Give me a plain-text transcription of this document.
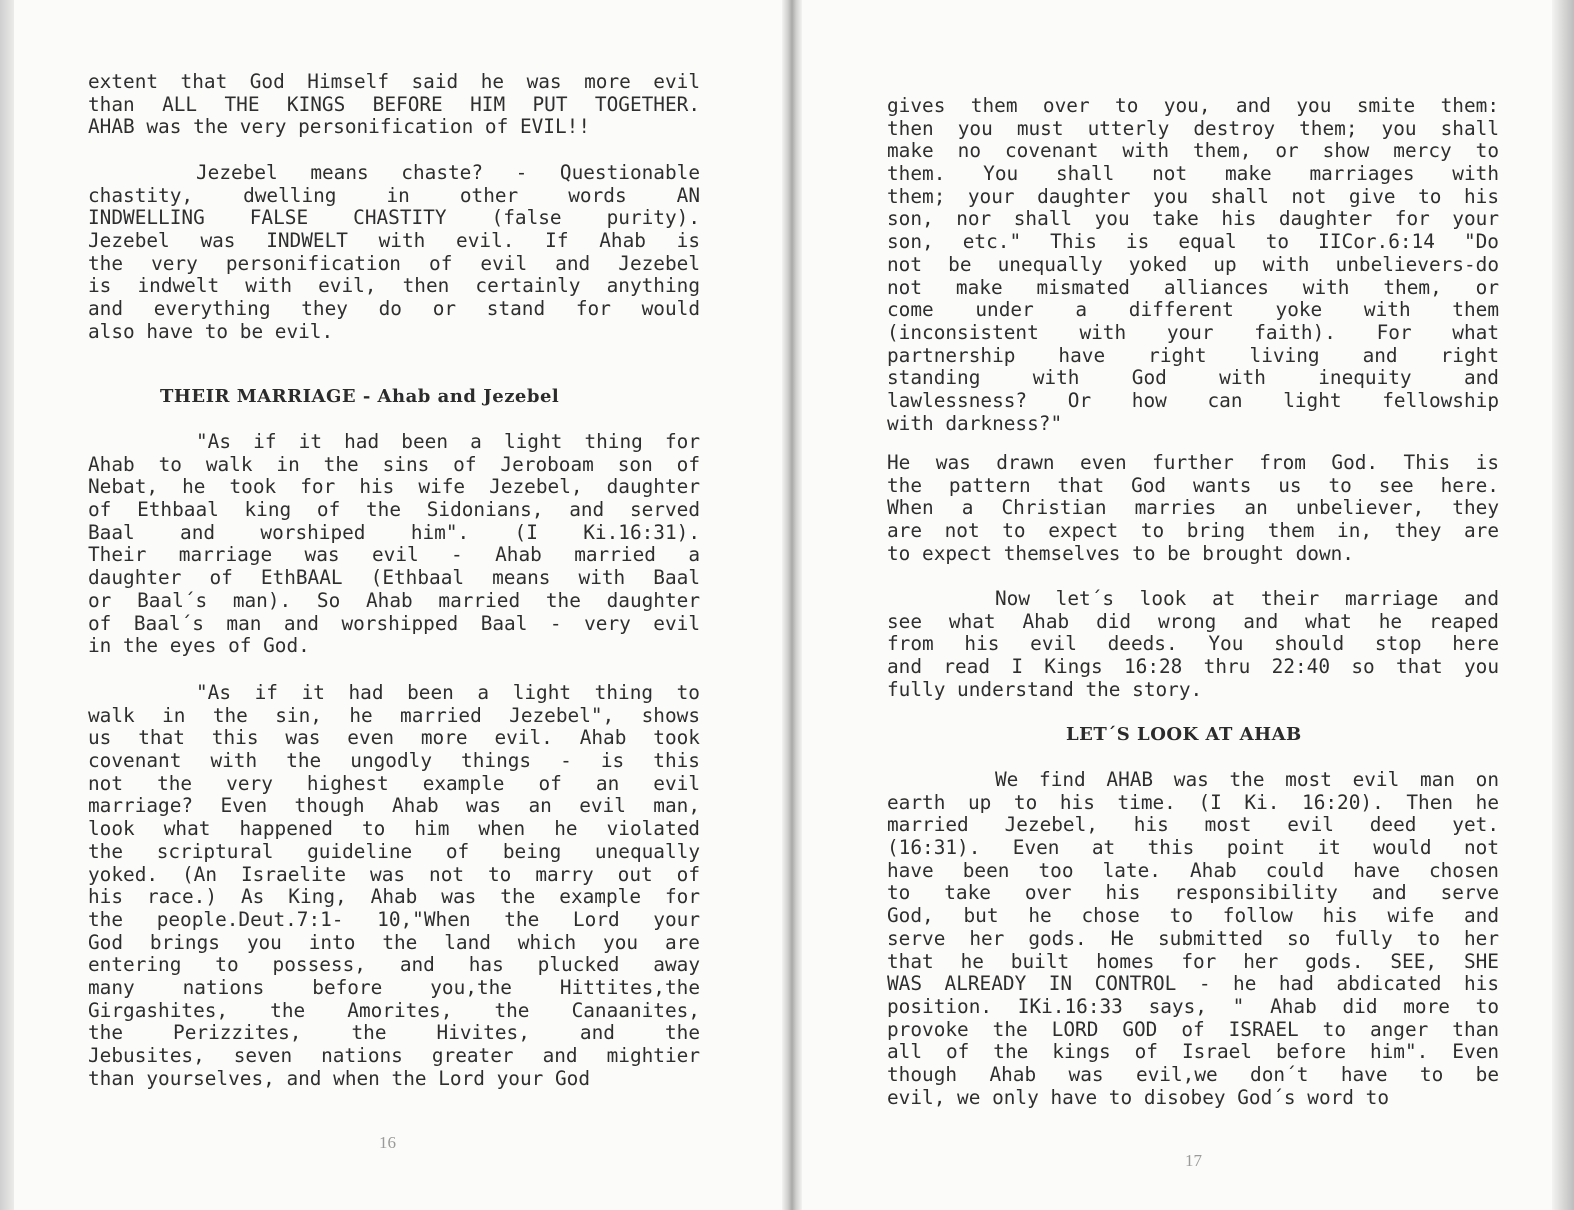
extent that God Himself said he was more evil
than ALL THE KINGS BEFORE HIM PUT TOGETHER.
AHAB was the very personification of EVIL!!
Jezebel means chaste? - Questionable
chastity, dwelling in other words AN
INDWELLING FALSE CHASTITY (false purity).
Jezebel was INDWELT with evil. If Ahab is
the very personification of evil and Jezebel
is indwelt with evil, then certainly anything
and everything they do or stand for would
also have to be evil.
THEIR MARRIAGE - Ahab and Jezebel
"As if it had been a light thing for
Ahab to walk in the sins of Jeroboam son of
Nebat, he took for his wife Jezebel, daughter
of Ethbaal king of the Sidonians, and served
Baal and worshiped him". (I Ki.16:31).
Their marriage was evil - Ahab married a
daughter of EthBAAL (Ethbaal means with Baal
or Baal´s man). So Ahab married the daughter
of Baal´s man and worshipped Baal - very evil
in the eyes of God.
"As if it had been a light thing to
walk in the sin, he married Jezebel", shows
us that this was even more evil. Ahab took
covenant with the ungodly things - is this
not the very highest example of an evil
marriage? Even though Ahab was an evil man,
look what happened to him when he violated
the scriptural guideline of being unequally
yoked. (An Israelite was not to marry out of
his race.) As King, Ahab was the example for
the people.Deut.7:1- 10,"When the Lord your
God brings you into the land which you are
entering to possess, and has plucked away
many nations before you,the Hittites,the
Girgashites, the Amorites, the Canaanites,
the Perizzites, the Hivites, and the
Jebusites, seven nations greater and mightier
than yourselves, and when the Lord your God
16
gives them over to you, and you smite them:
then you must utterly destroy them; you shall
make no covenant with them, or show mercy to
them. You shall not make marriages with
them; your daughter you shall not give to his
son, nor shall you take his daughter for your
son, etc." This is equal to IICor.6:14 "Do
not be unequally yoked up with unbelievers-do
not make mismated alliances with them, or
come under a different yoke with them
(inconsistent with your faith). For what
partnership have right living and right
standing with God with inequity and
lawlessness? Or how can light fellowship
with darkness?"
He was drawn even further from God. This is
the pattern that God wants us to see here.
When a Christian marries an unbeliever, they
are not to expect to bring them in, they are
to expect themselves to be brought down.
Now let´s look at their marriage and
see what Ahab did wrong and what he reaped
from his evil deeds. You should stop here
and read I Kings 16:28 thru 22:40 so that you
fully understand the story.
LET´S LOOK AT AHAB
We find AHAB was the most evil man on
earth up to his time. (I Ki. 16:20). Then he
married Jezebel, his most evil deed yet.
(16:31). Even at this point it would not
have been too late. Ahab could have chosen
to take over his responsibility and serve
God, but he chose to follow his wife and
serve her gods. He submitted so fully to her
that he built homes for her gods. SEE, SHE
WAS ALREADY IN CONTROL - he had abdicated his
position. IKi.16:33 says, " Ahab did more to
provoke the LORD GOD of ISRAEL to anger than
all of the kings of Israel before him". Even
though Ahab was evil,we don´t have to be
evil, we only have to disobey God´s word to
17
